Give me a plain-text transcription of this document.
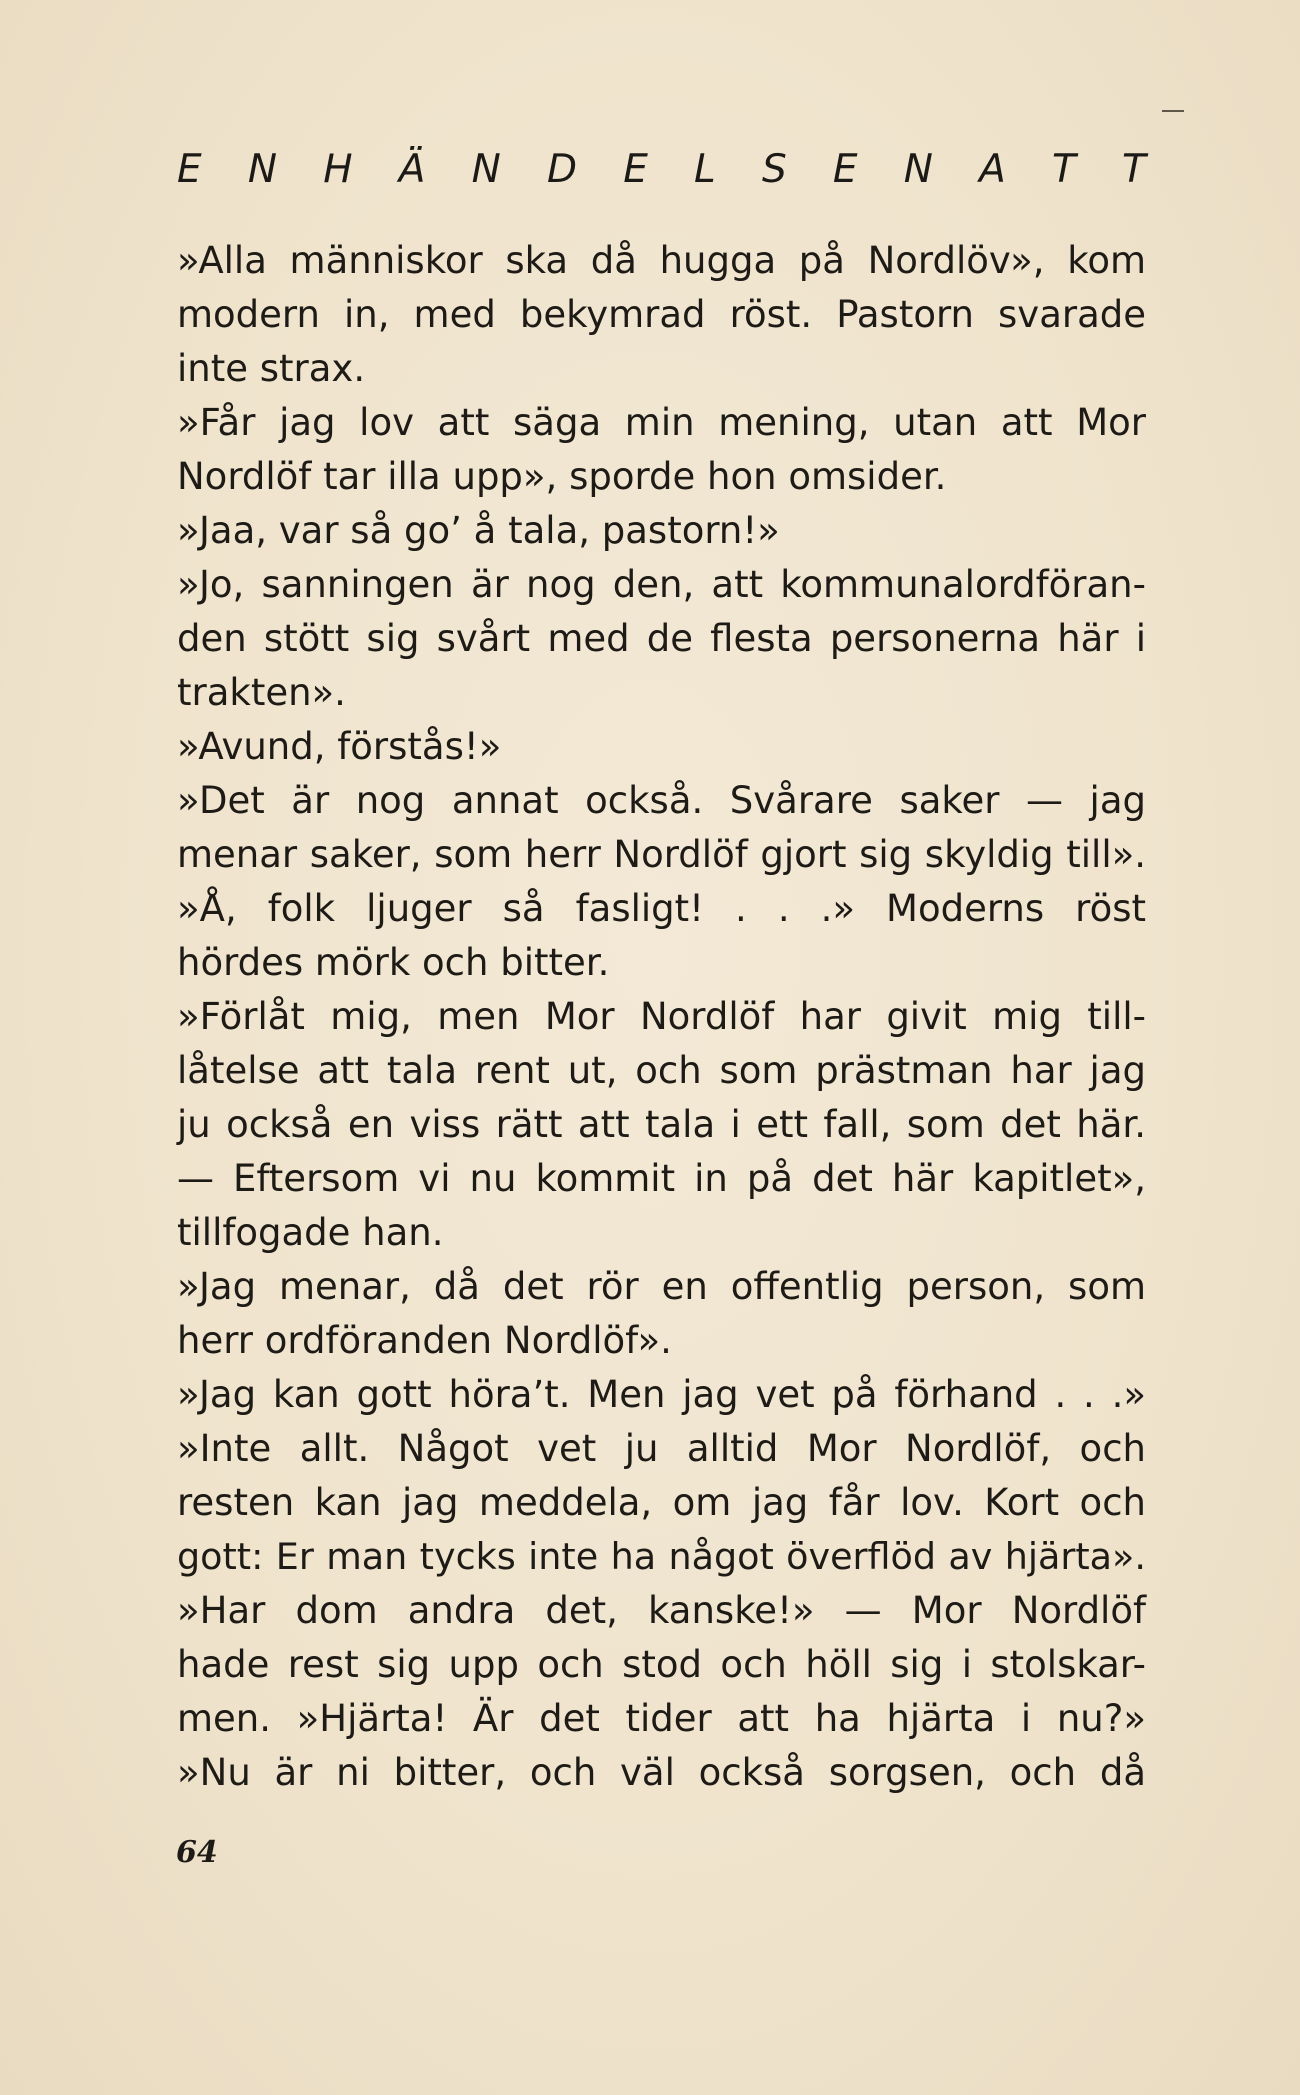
E N H Ä N D E L S E N A T T
»Alla människor ska då hugga på Nordlöv», kom
modern in, med bekymrad röst. Pastorn svarade
inte strax.
»Får jag lov att säga min mening, utan att Mor
Nordlöf tar illa upp», sporde hon omsider.
»Jaa, var så go’ å tala, pastorn!»
»Jo, sanningen är nog den, att kommunalordföran-
den stött sig svårt med de flesta personerna här i
trakten».
»Avund, förstås!»
»Det är nog annat också. Svårare saker — jag
menar saker, som herr Nordlöf gjort sig skyldig till».
»Å, folk ljuger så fasligt! . . .» Moderns röst
hördes mörk och bitter.
»Förlåt mig, men Mor Nordlöf har givit mig till-
låtelse att tala rent ut, och som prästman har jag
ju också en viss rätt att tala i ett fall, som det här.
— Eftersom vi nu kommit in på det här kapitlet»,
tillfogade han.
»Jag menar, då det rör en offentlig person, som
herr ordföranden Nordlöf».
»Jag kan gott höra’t. Men jag vet på förhand . . .»
»Inte allt. Något vet ju alltid Mor Nordlöf, och
resten kan jag meddela, om jag får lov. Kort och
gott: Er man tycks inte ha något överflöd av hjärta».
»Har dom andra det, kanske!» — Mor Nordlöf
hade rest sig upp och stod och höll sig i stolskar-
men. »Hjärta! Är det tider att ha hjärta i nu?»
»Nu är ni bitter, och väl också sorgsen, och då
64
